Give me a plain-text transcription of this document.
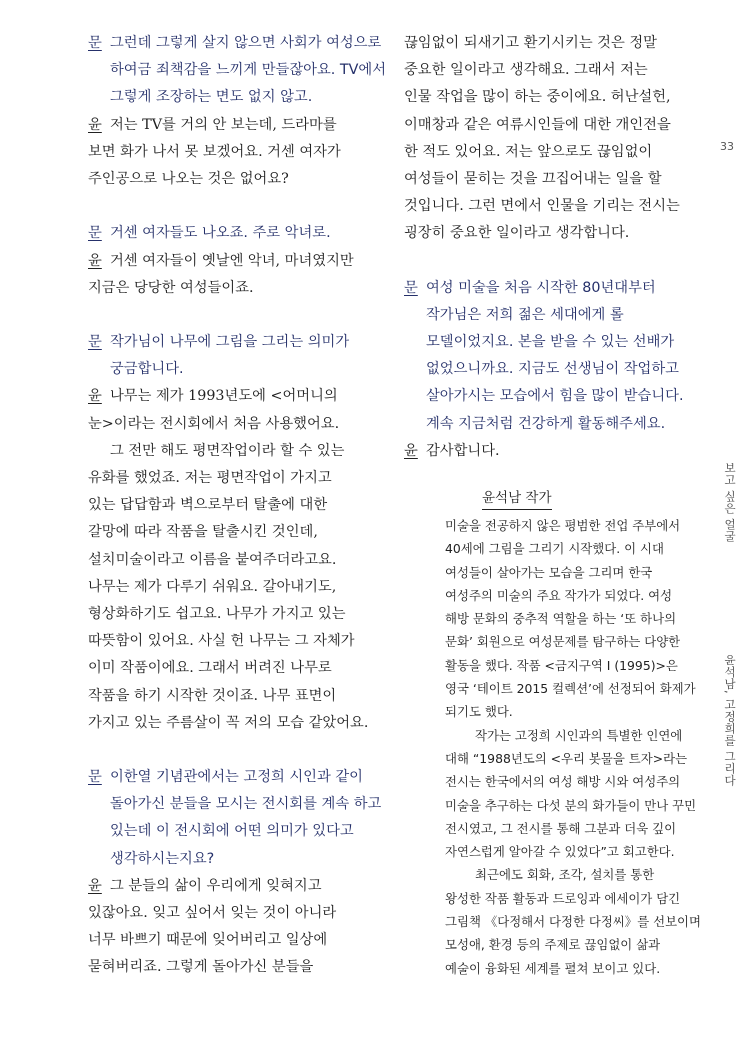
문 그런데 그렇게 살지 않으면 사회가 여성으로
하여금 죄책감을 느끼게 만들잖아요. TV에서
그렇게 조장하는 면도 없지 않고.
윤 저는 TV를 거의 안 보는데, 드라마를
보면 화가 나서 못 보겠어요. 거센 여자가
주인공으로 나오는 것은 없어요?
문 거센 여자들도 나오죠. 주로 악녀로.
윤 거센 여자들이 옛날엔 악녀, 마녀였지만
지금은 당당한 여성들이죠.
문 작가님이 나무에 그림을 그리는 의미가
궁금합니다.
윤 나무는 제가 1993년도에 <어머니의
눈>이라는 전시회에서 처음 사용했어요.
그 전만 해도 평면작업이라 할 수 있는
유화를 했었죠. 저는 평면작업이 가지고
있는 답답함과 벽으로부터 탈출에 대한
갈망에 따라 작품을 탈출시킨 것인데,
설치미술이라고 이름을 붙여주더라고요.
나무는 제가 다루기 쉬워요. 갈아내기도,
형상화하기도 쉽고요. 나무가 가지고 있는
따뜻함이 있어요. 사실 헌 나무는 그 자체가
이미 작품이에요. 그래서 버려진 나무로
작품을 하기 시작한 것이죠. 나무 표면이
가지고 있는 주름살이 꼭 저의 모습 같았어요.
문 이한열 기념관에서는 고정희 시인과 같이
돌아가신 분들을 모시는 전시회를 계속 하고
있는데 이 전시회에 어떤 의미가 있다고
생각하시는지요?
윤 그 분들의 삶이 우리에게 잊혀지고
있잖아요. 잊고 싶어서 잊는 것이 아니라
너무 바쁘기 때문에 잊어버리고 일상에
묻혀버리죠. 그렇게 돌아가신 분들을
끊임없이 되새기고 환기시키는 것은 정말
중요한 일이라고 생각해요. 그래서 저는
인물 작업을 많이 하는 중이에요. 허난설헌,
이매창과 같은 여류시인들에 대한 개인전을
한 적도 있어요. 저는 앞으로도 끊임없이
여성들이 묻히는 것을 끄집어내는 일을 할
것입니다. 그런 면에서 인물을 기리는 전시는
굉장히 중요한 일이라고 생각합니다.
문 여성 미술을 처음 시작한 80년대부터
작가님은 저희 젊은 세대에게 롤
모델이었지요. 본을 받을 수 있는 선배가
없었으니까요. 지금도 선생님이 작업하고
살아가시는 모습에서 힘을 많이 받습니다.
계속 지금처럼 건강하게 활동해주세요.
윤 감사합니다.
윤석남 작가
미술을 전공하지 않은 평범한 전업 주부에서
40세에 그림을 그리기 시작했다. 이 시대
여성들이 살아가는 모습을 그리며 한국
여성주의 미술의 주요 작가가 되었다. 여성
해방 문화의 중추적 역할을 하는 ‘또 하나의
문화’ 회원으로 여성문제를 탐구하는 다양한
활동을 했다. 작품 <금지구역 I (1995)>은
영국 ‘테이트 2015 컬렉션’에 선정되어 화제가
되기도 했다.
작가는 고정희 시인과의 특별한 인연에
대해 “1988년도의 <우리 봇물을 트자>라는
전시는 한국에서의 여성 해방 시와 여성주의
미술을 추구하는 다섯 분의 화가들이 만나 꾸민
전시였고, 그 전시를 통해 그분과 더욱 깊이
자연스럽게 알아갈 수 있었다”고 회고한다.
최근에도 회화, 조각, 설치를 통한
왕성한 작품 활동과 드로잉과 에세이가 담긴
그림책 《다정해서 다정한 다정씨》를 선보이며
모성애, 환경 등의 주제로 끊임없이 삶과
예술이 융화된 세계를 펼쳐 보이고 있다.
33
보고 싶은 얼굴
윤석남, 고정희를 그리다
